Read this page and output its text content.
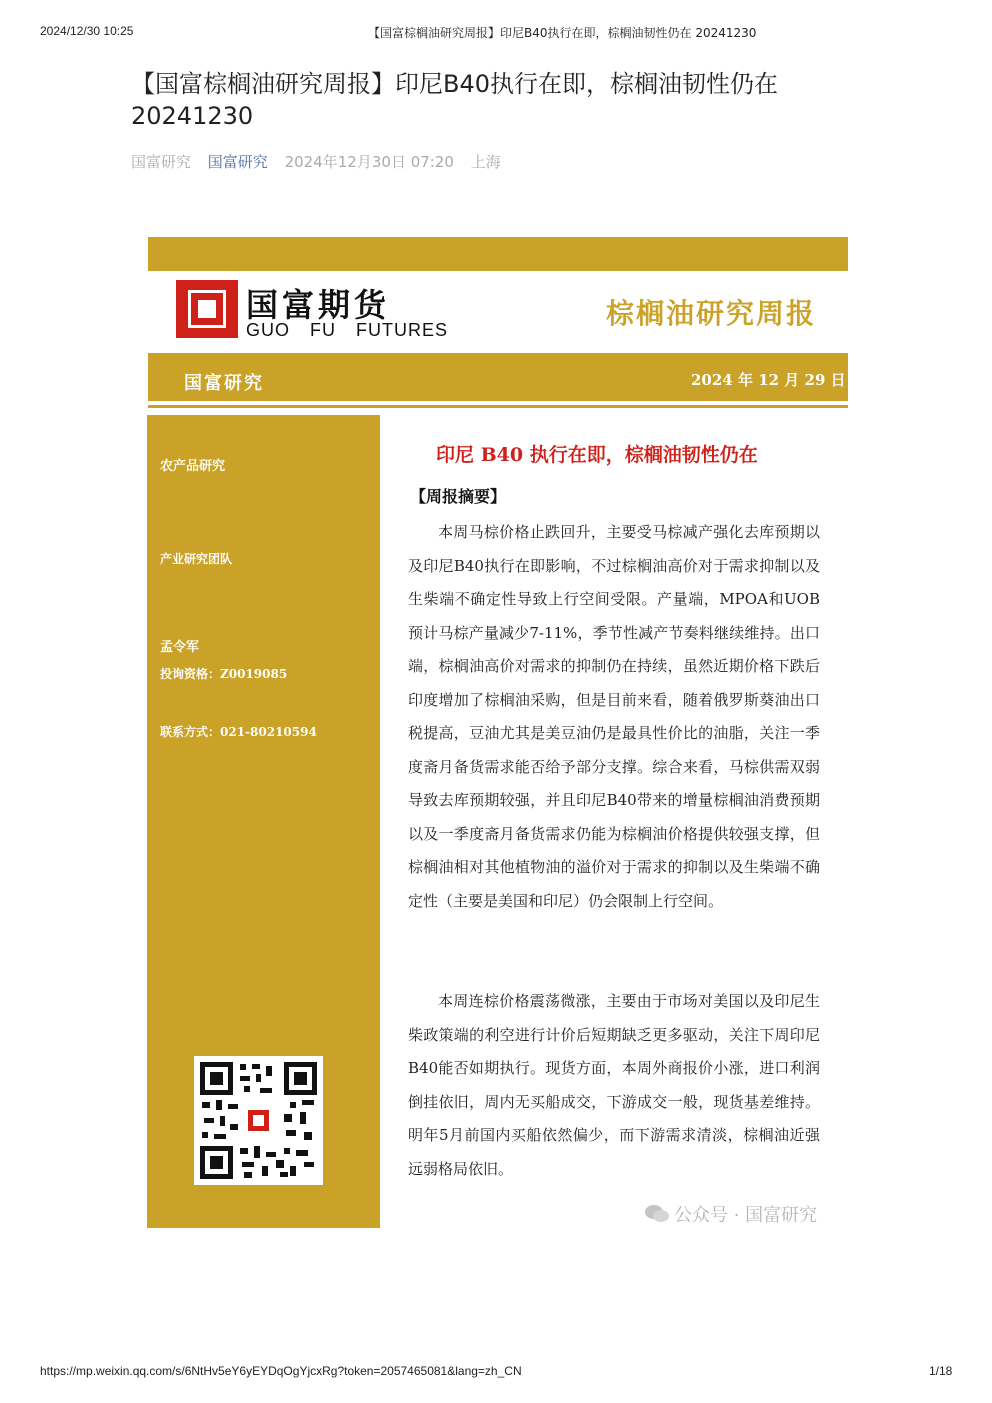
2024/12/30 10:25	【国富棕榈油研究周报】印尼B40执行在即，棕榈油韧性仍在 20241230
【国富棕榈油研究周报】印尼B40执行在即，棕榈油韧性仍在20241230
国富研究 国富研究 2024年12月30日 07:20 上海
国富期货
GUO FU FUTURES	棕榈油研究周报
国富研究	2024 年 12 月 29 日
农产品研究
产业研究团队
孟令军
投询资格：Z0019085
联系方式：021-80210594
印尼 B40 执行在即，棕榈油韧性仍在
【周报摘要】
本周马棕价格止跌回升，主要受马棕减产强化去库预期以及印尼B40执行在即影响，不过棕榈油高价对于需求抑制以及生柴端不确定性导致上行空间受限。产量端，MPOA和UOB预计马棕产量减少7-11%，季节性减产节奏料继续维持。出口端，棕榈油高价对需求的抑制仍在持续，虽然近期价格下跌后印度增加了棕榈油采购，但是目前来看，随着俄罗斯葵油出口税提高，豆油尤其是美豆油仍是最具性价比的油脂，关注一季度斋月备货需求能否给予部分支撑。综合来看，马棕供需双弱导致去库预期较强，并且印尼B40带来的增量棕榈油消费预期以及一季度斋月备货需求仍能为棕榈油价格提供较强支撑，但棕榈油相对其他植物油的溢价对于需求的抑制以及生柴端不确定性（主要是美国和印尼）仍会限制上行空间。
本周连棕价格震荡微涨，主要由于市场对美国以及印尼生柴政策端的利空进行计价后短期缺乏更多驱动，关注下周印尼B40能否如期执行。现货方面，本周外商报价小涨，进口利润倒挂依旧，周内无买船成交，下游成交一般，现货基差维持。明年5月前国内买船依然偏少，而下游需求清淡，棕榈油近强远弱格局依旧。
公众号 · 国富研究
https://mp.weixin.qq.com/s/6NtHv5eY6yEYDqOgYjcxRg?token=2057465081&lang=zh_CN	1/18
